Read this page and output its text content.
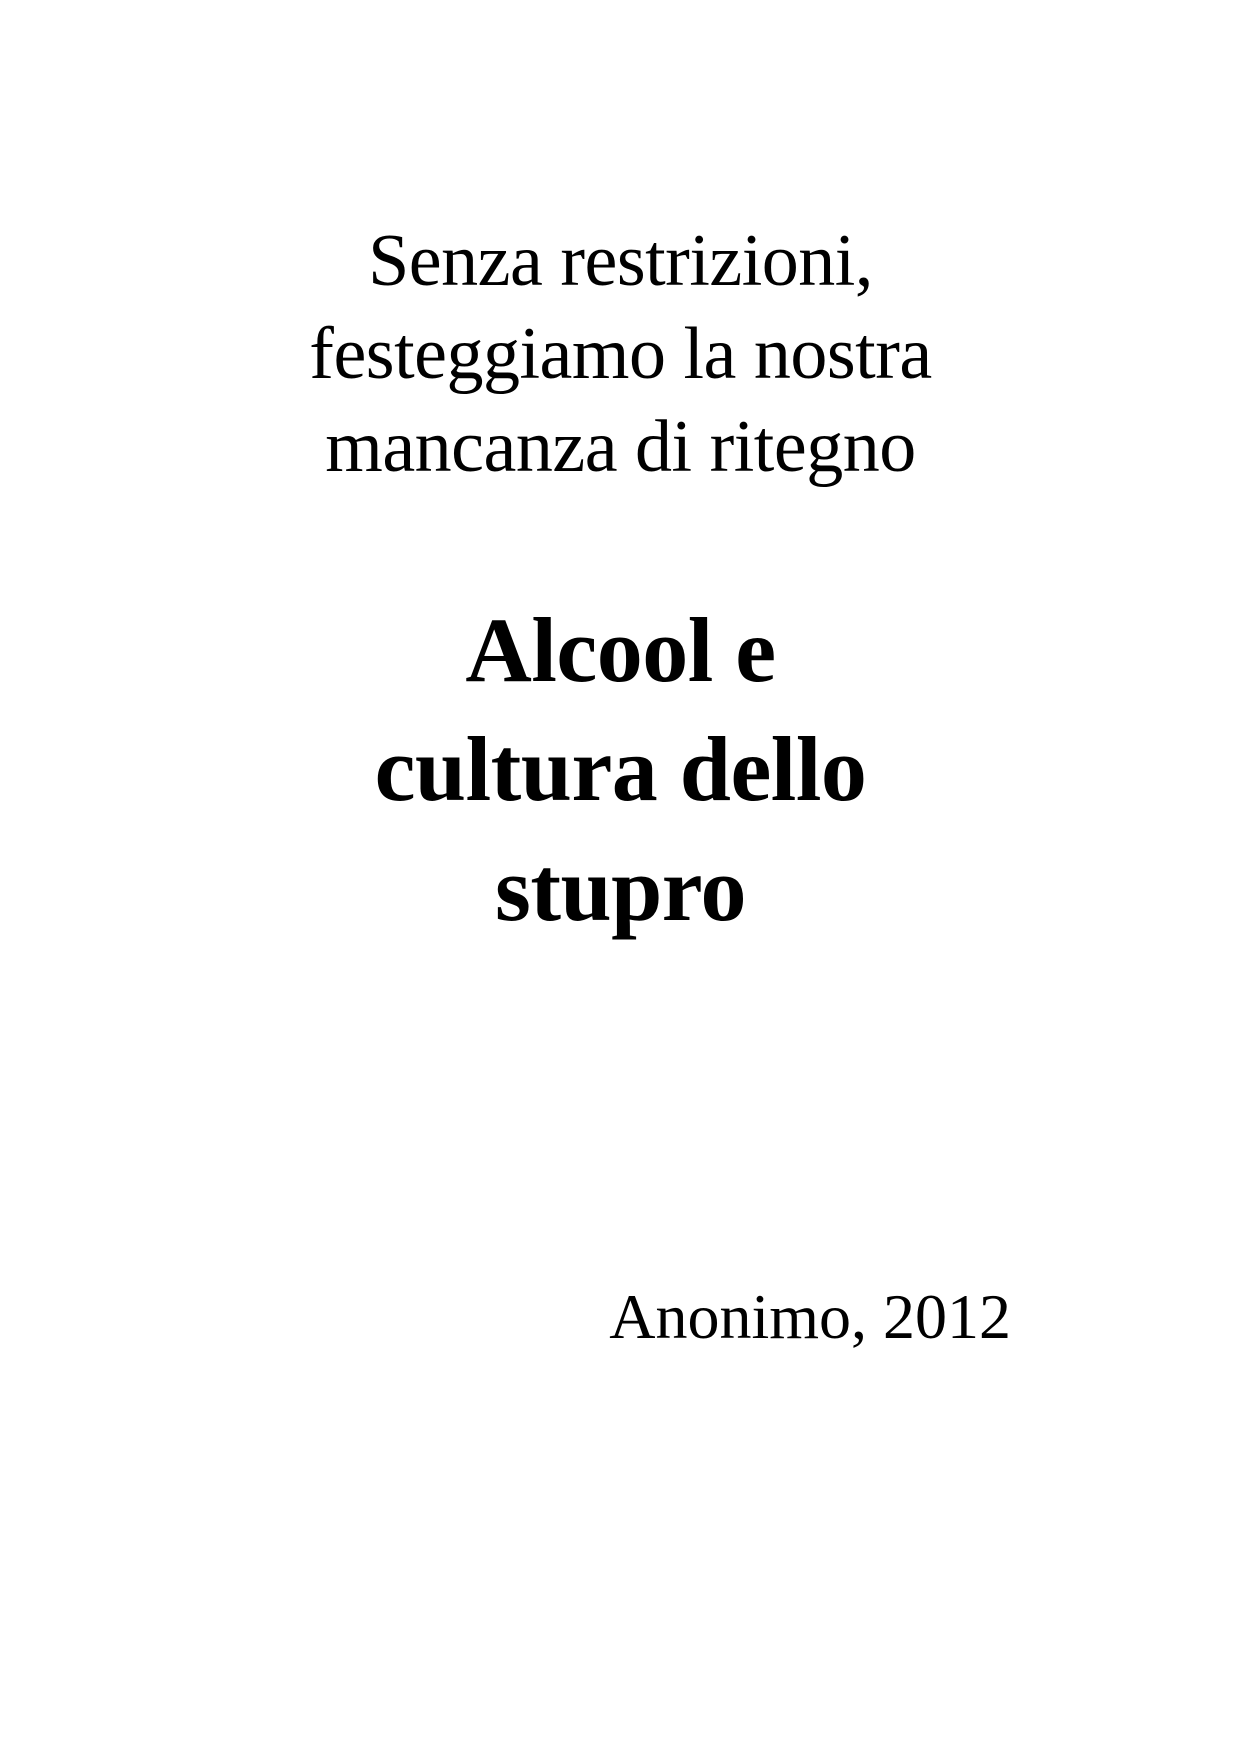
Senza restrizioni,
festeggiamo la nostra
mancanza di ritegno
Alcool e
cultura dello
stupro
Anonimo, 2012
